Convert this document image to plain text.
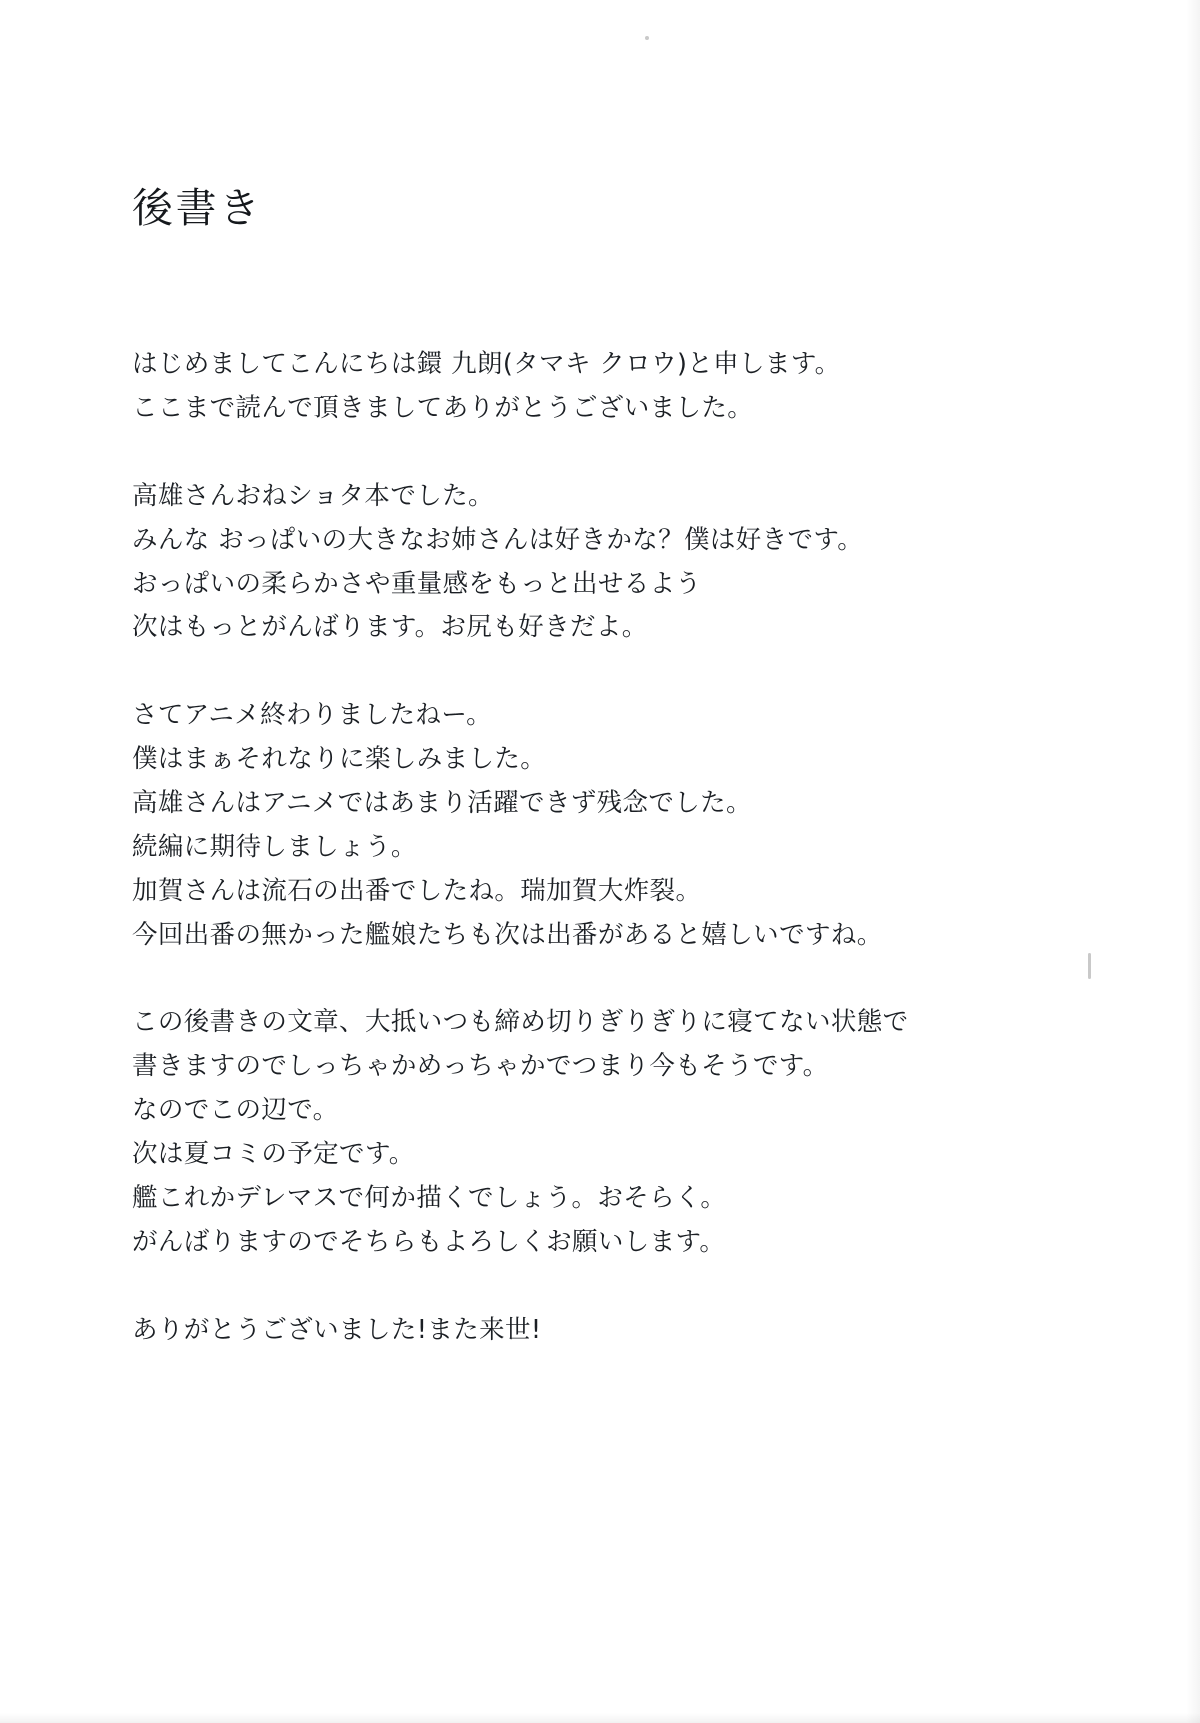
後書き
はじめましてこんにちは鐶 九朗(タマキ クロウ)と申します。
ここまで読んで頂きましてありがとうございました。
高雄さんおねショタ本でした。
みんな おっぱいの大きなお姉さんは好きかな？僕は好きです。
おっぱいの柔らかさや重量感をもっと出せるよう
次はもっとがんばります。お尻も好きだよ。
さてアニメ終わりましたねー。
僕はまぁそれなりに楽しみました。
高雄さんはアニメではあまり活躍できず残念でした。
続編に期待しましょう。
加賀さんは流石の出番でしたね。瑞加賀大炸裂。
今回出番の無かった艦娘たちも次は出番があると嬉しいですね。
この後書きの文章、大抵いつも締め切りぎりぎりに寝てない状態で
書きますのでしっちゃかめっちゃかでつまり今もそうです。
なのでこの辺で。
次は夏コミの予定です。
艦これかデレマスで何か描くでしょう。おそらく。
がんばりますのでそちらもよろしくお願いします。
ありがとうございました!また来世!
